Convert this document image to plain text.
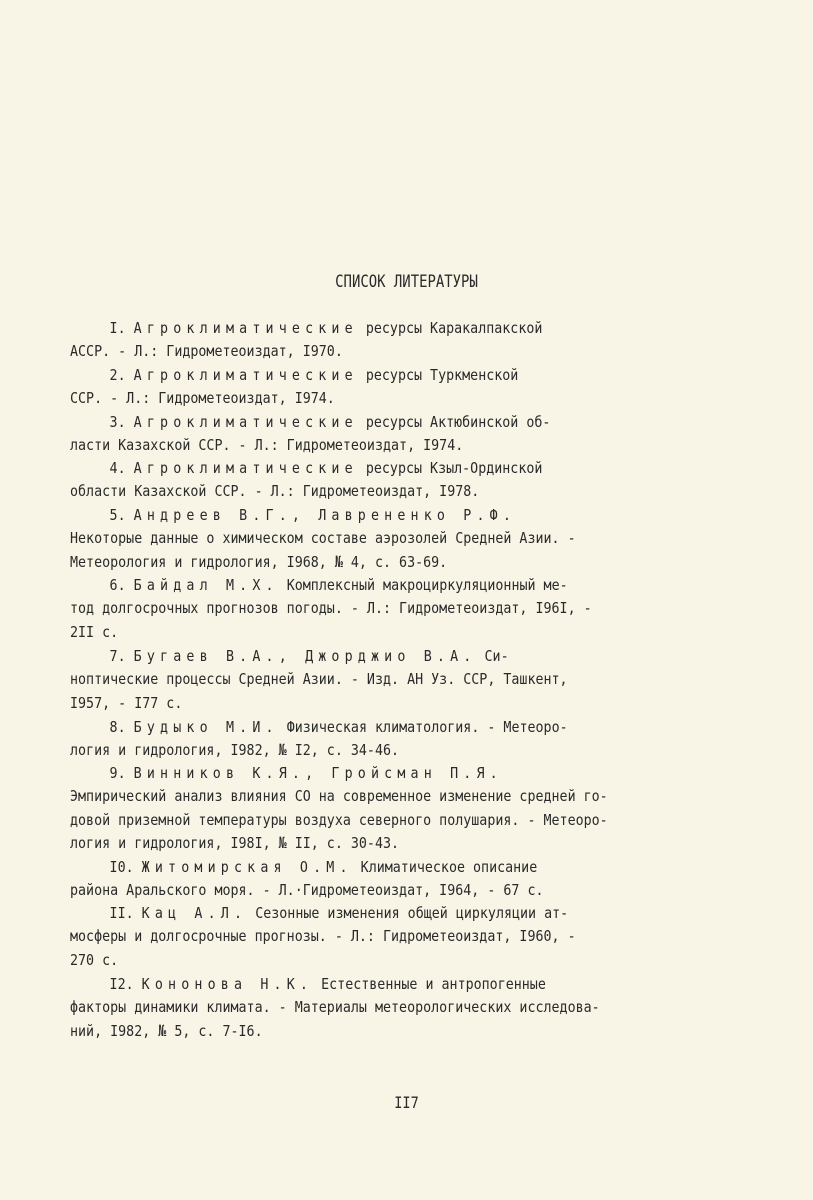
СПИСОК ЛИТЕРАТУРЫ
I. Агроклиматические ресурсы Каракалпакской
АССР. - Л.: Гидрометеоиздат, I970.
2. Агроклиматические ресурсы Туркменской
ССР. - Л.: Гидрометеоиздат, I974.
3. Агроклиматические ресурсы Актюбинской об-
ласти Казахской ССР. - Л.: Гидрометеоиздат, I974.
4. Агроклиматические ресурсы Кзыл-Ординской
области Казахской ССР. - Л.: Гидрометеоиздат, I978.
5. Андреев В.Г., Лаврененко Р.Ф.
Некоторые данные о химическом составе аэрозолей Средней Азии. -
Метеорология и гидрология, I968, № 4, с. 63-69.
6. Байдал М.Х. Комплексный макроциркуляционный ме-
тод долгосрочных прогнозов погоды. - Л.: Гидрометеоиздат, I96I, -
2II с.
7. Бугаев В.А., Джорджио В.А. Си-
ноптические процессы Средней Азии. - Изд. АН Уз. ССР, Ташкент,
I957, - I77 с.
8. Будыко М.И. Физическая климатология. - Метеоро-
логия и гидрология, I982, № I2, с. 34-46.
9. Винников К.Я., Гройсман П.Я.
Эмпирический анализ влияния СО на современное изменение средней го-
довой приземной температуры воздуха северного полушария. - Метеоро-
логия и гидрология, I98I, № II, с. 30-43.
I0. Житомирская О.М. Климатическое описание
района Аральского моря. - Л.·Гидрометеоиздат, I964, - 67 с.
II. Кац А.Л. Сезонные изменения общей циркуляции ат-
мосферы и долгосрочные прогнозы. - Л.: Гидрометеоиздат, I960, -
270 с.
I2. Кононова Н.К. Естественные и антропогенные
факторы динамики климата. - Материалы метеорологических исследова-
ний, I982, № 5, с. 7-I6.
II7
